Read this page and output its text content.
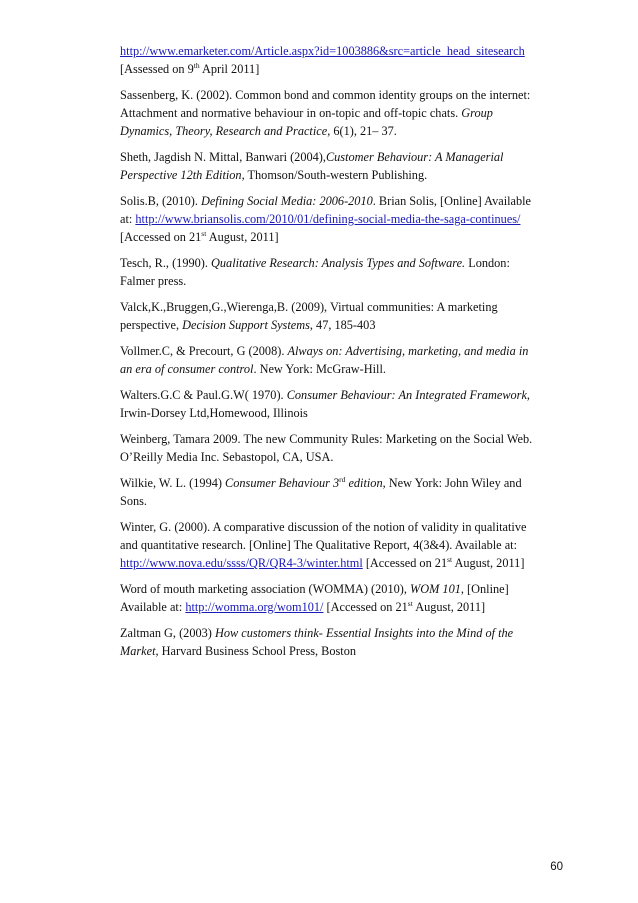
http://www.emarketer.com/Article.aspx?id=1003886&src=article_head_sitesearch
[Assessed on 9th April 2011]
Sassenberg, K. (2002). Common bond and common identity groups on the internet:
Attachment and normative behaviour in on-topic and off-topic chats. Group
Dynamics, Theory, Research and Practice, 6(1), 21– 37.
Sheth, Jagdish N. Mittal, Banwari (2004),Customer Behaviour: A Managerial
Perspective 12th Edition, Thomson/South-western Publishing.
Solis.B, (2010). Defining Social Media: 2006-2010. Brian Solis, [Online] Available
at: http://www.briansolis.com/2010/01/defining-social-media-the-saga-continues/
[Accessed on 21st August, 2011]
Tesch, R., (1990). Qualitative Research: Analysis Types and Software. London:
Falmer press.
Valck,K.,Bruggen,G.,Wierenga,B. (2009), Virtual communities: A marketing
perspective, Decision Support Systems, 47, 185-403
Vollmer.C, & Precourt, G (2008). Always on: Advertising, marketing, and media in
an era of consumer control. New York: McGraw-Hill.
Walters.G.C & Paul.G.W( 1970). Consumer Behaviour: An Integrated Framework,
Irwin-Dorsey Ltd,Homewood, Illinois
Weinberg, Tamara 2009. The new Community Rules: Marketing on the Social Web.
O’Reilly Media Inc. Sebastopol, CA, USA.
Wilkie, W. L. (1994) Consumer Behaviour 3rd edition, New York: John Wiley and
Sons.
Winter, G. (2000). A comparative discussion of the notion of validity in qualitative
and quantitative research. [Online] The Qualitative Report, 4(3&4). Available at:
http://www.nova.edu/ssss/QR/QR4-3/winter.html [Accessed on 21st August, 2011]
Word of mouth marketing association (WOMMA) (2010), WOM 101, [Online]
Available at: http://womma.org/wom101/ [Accessed on 21st August, 2011]
Zaltman G, (2003) How customers think- Essential Insights into the Mind of the
Market, Harvard Business School Press, Boston
60
